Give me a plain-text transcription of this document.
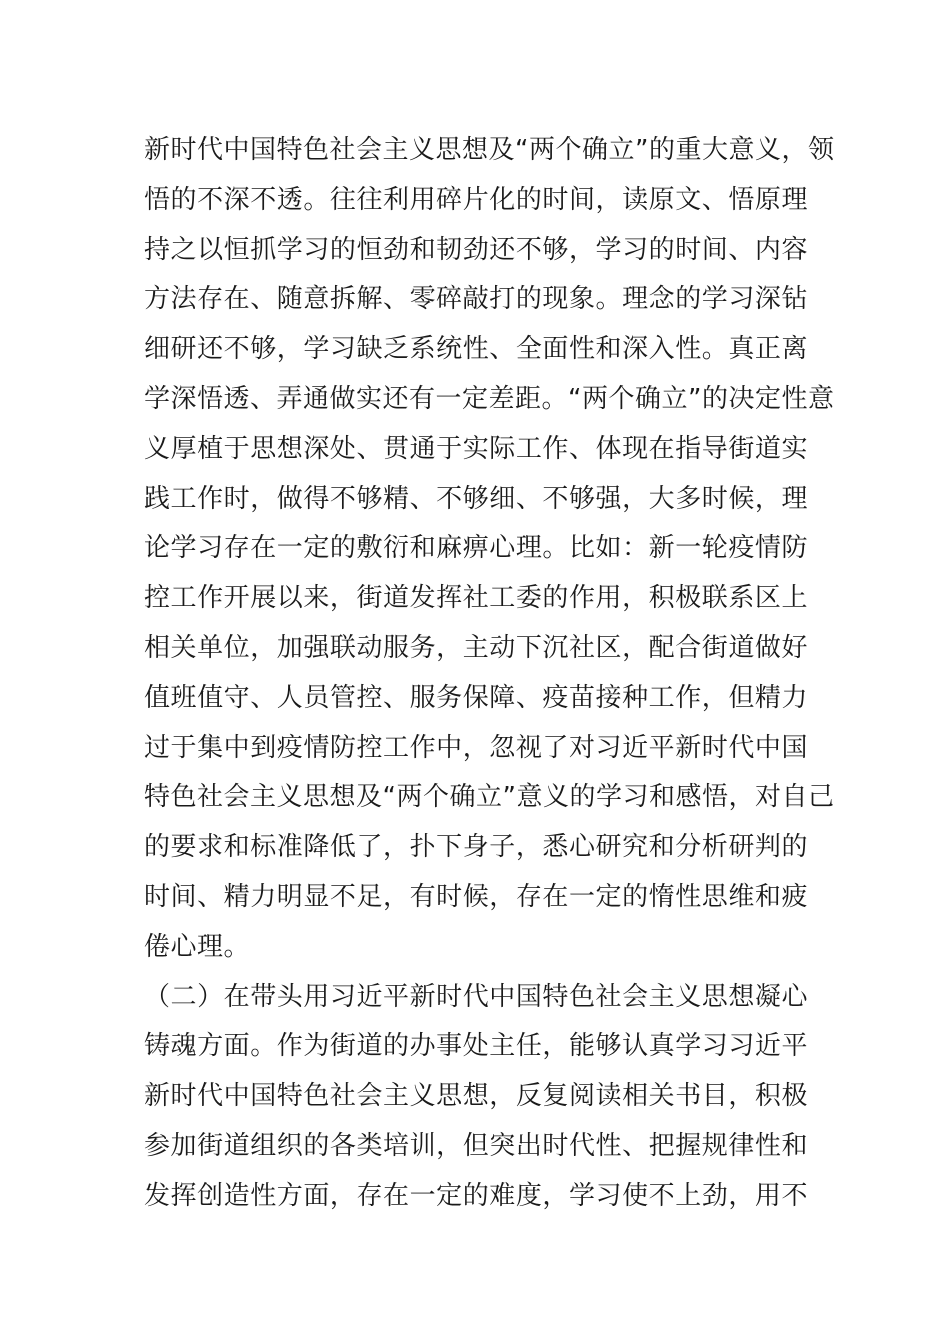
新时代中国特色社会主义思想及“两个确立”的重大意义，领
悟的不深不透。往往利用碎片化的时间，读原文、悟原理
持之以恒抓学习的恒劲和韧劲还不够，学习的时间、内容
方法存在、随意拆解、零碎敲打的现象。理念的学习深钻
细研还不够，学习缺乏系统性、全面性和深入性。真正离
学深悟透、弄通做实还有一定差距。“两个确立”的决定性意
义厚植于思想深处、贯通于实际工作、体现在指导街道实
践工作时，做得不够精、不够细、不够强，大多时候，理
论学习存在一定的敷衍和麻痹心理。比如：新一轮疫情防
控工作开展以来，街道发挥社工委的作用，积极联系区上
相关单位，加强联动服务，主动下沉社区，配合街道做好
值班值守、人员管控、服务保障、疫苗接种工作，但精力
过于集中到疫情防控工作中，忽视了对习近平新时代中国
特色社会主义思想及“两个确立”意义的学习和感悟，对自己
的要求和标准降低了，扑下身子，悉心研究和分析研判的
时间、精力明显不足，有时候，存在一定的惰性思维和疲
倦心理。
（二）在带头用习近平新时代中国特色社会主义思想凝心
铸魂方面。作为街道的办事处主任，能够认真学习习近平
新时代中国特色社会主义思想，反复阅读相关书目，积极
参加街道组织的各类培训，但突出时代性、把握规律性和
发挥创造性方面，存在一定的难度，学习使不上劲，用不
